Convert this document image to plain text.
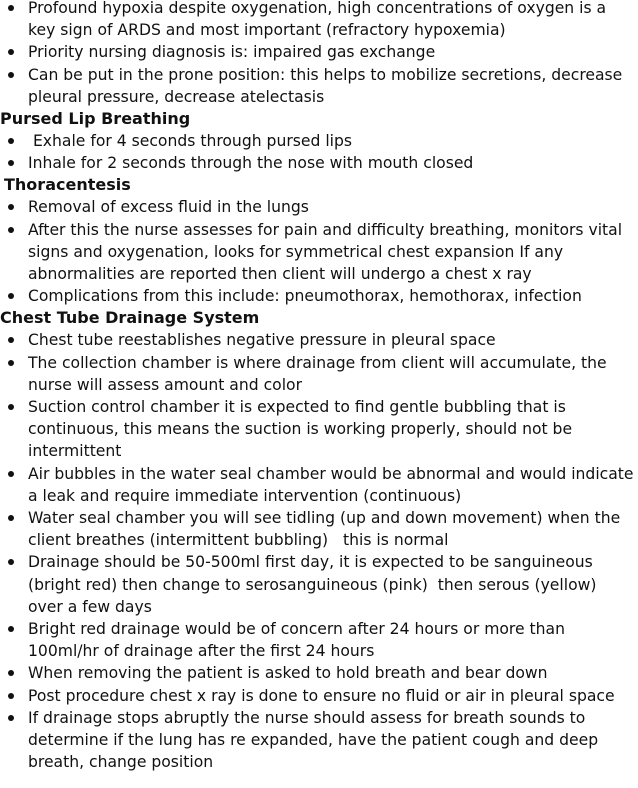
Profound hypoxia despite oxygenation, high concentrations of oxygen is a key sign of ARDS and most important (refractory hypoxemia)
Priority nursing diagnosis is: impaired gas exchange
Can be put in the prone position: this helps to mobilize secretions, decrease pleural pressure, decrease atelectasis
Pursed Lip Breathing
Exhale for 4 seconds through pursed lips
Inhale for 2 seconds through the nose with mouth closed
Thoracentesis
Removal of excess fluid in the lungs
After this the nurse assesses for pain and difficulty breathing, monitors vital signs and oxygenation, looks for symmetrical chest expansion If any abnormalities are reported then client will undergo a chest x ray
Complications from this include: pneumothorax, hemothorax, infection
Chest Tube Drainage System
Chest tube reestablishes negative pressure in pleural space
The collection chamber is where drainage from client will accumulate, the nurse will assess amount and color
Suction control chamber it is expected to find gentle bubbling that is continuous, this means the suction is working properly, should not be intermittent
Air bubbles in the water seal chamber would be abnormal and would indicate a leak and require immediate intervention (continuous)
Water seal chamber you will see tidling (up and down movement) when the client breathes (intermittent bubbling)   this is normal
Drainage should be 50-500ml first day, it is expected to be sanguineous (bright red) then change to serosanguineous (pink)  then serous (yellow) over a few days
Bright red drainage would be of concern after 24 hours or more than 100ml/hr of drainage after the first 24 hours
When removing the patient is asked to hold breath and bear down
Post procedure chest x ray is done to ensure no fluid or air in pleural space
If drainage stops abruptly the nurse should assess for breath sounds to determine if the lung has re expanded, have the patient cough and deep breath, change position
